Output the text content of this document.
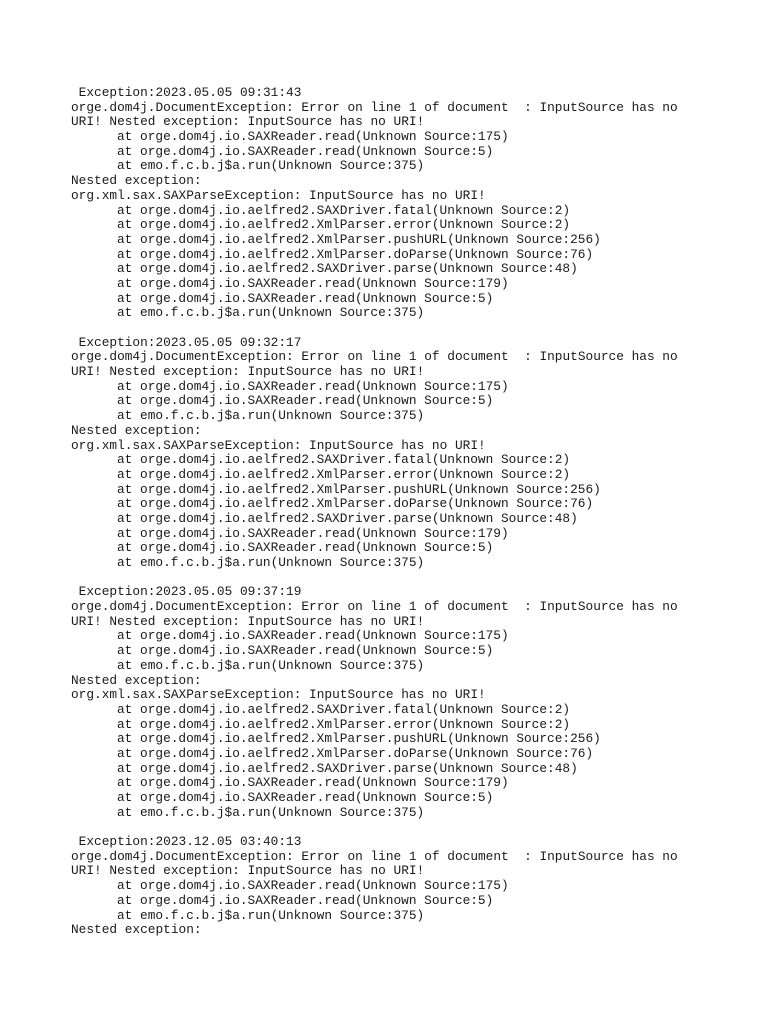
Exception:2023.05.05 09:31:43
orge.dom4j.DocumentException: Error on line 1 of document  : InputSource has no
URI! Nested exception: InputSource has no URI!
at orge.dom4j.io.SAXReader.read(Unknown Source:175)
at orge.dom4j.io.SAXReader.read(Unknown Source:5)
at emo.f.c.b.j$a.run(Unknown Source:375)
Nested exception:
org.xml.sax.SAXParseException: InputSource has no URI!
at orge.dom4j.io.aelfred2.SAXDriver.fatal(Unknown Source:2)
at orge.dom4j.io.aelfred2.XmlParser.error(Unknown Source:2)
at orge.dom4j.io.aelfred2.XmlParser.pushURL(Unknown Source:256)
at orge.dom4j.io.aelfred2.XmlParser.doParse(Unknown Source:76)
at orge.dom4j.io.aelfred2.SAXDriver.parse(Unknown Source:48)
at orge.dom4j.io.SAXReader.read(Unknown Source:179)
at orge.dom4j.io.SAXReader.read(Unknown Source:5)
at emo.f.c.b.j$a.run(Unknown Source:375)
Exception:2023.05.05 09:32:17
orge.dom4j.DocumentException: Error on line 1 of document  : InputSource has no
URI! Nested exception: InputSource has no URI!
at orge.dom4j.io.SAXReader.read(Unknown Source:175)
at orge.dom4j.io.SAXReader.read(Unknown Source:5)
at emo.f.c.b.j$a.run(Unknown Source:375)
Nested exception:
org.xml.sax.SAXParseException: InputSource has no URI!
at orge.dom4j.io.aelfred2.SAXDriver.fatal(Unknown Source:2)
at orge.dom4j.io.aelfred2.XmlParser.error(Unknown Source:2)
at orge.dom4j.io.aelfred2.XmlParser.pushURL(Unknown Source:256)
at orge.dom4j.io.aelfred2.XmlParser.doParse(Unknown Source:76)
at orge.dom4j.io.aelfred2.SAXDriver.parse(Unknown Source:48)
at orge.dom4j.io.SAXReader.read(Unknown Source:179)
at orge.dom4j.io.SAXReader.read(Unknown Source:5)
at emo.f.c.b.j$a.run(Unknown Source:375)
Exception:2023.05.05 09:37:19
orge.dom4j.DocumentException: Error on line 1 of document  : InputSource has no
URI! Nested exception: InputSource has no URI!
at orge.dom4j.io.SAXReader.read(Unknown Source:175)
at orge.dom4j.io.SAXReader.read(Unknown Source:5)
at emo.f.c.b.j$a.run(Unknown Source:375)
Nested exception:
org.xml.sax.SAXParseException: InputSource has no URI!
at orge.dom4j.io.aelfred2.SAXDriver.fatal(Unknown Source:2)
at orge.dom4j.io.aelfred2.XmlParser.error(Unknown Source:2)
at orge.dom4j.io.aelfred2.XmlParser.pushURL(Unknown Source:256)
at orge.dom4j.io.aelfred2.XmlParser.doParse(Unknown Source:76)
at orge.dom4j.io.aelfred2.SAXDriver.parse(Unknown Source:48)
at orge.dom4j.io.SAXReader.read(Unknown Source:179)
at orge.dom4j.io.SAXReader.read(Unknown Source:5)
at emo.f.c.b.j$a.run(Unknown Source:375)
Exception:2023.12.05 03:40:13
orge.dom4j.DocumentException: Error on line 1 of document  : InputSource has no
URI! Nested exception: InputSource has no URI!
at orge.dom4j.io.SAXReader.read(Unknown Source:175)
at orge.dom4j.io.SAXReader.read(Unknown Source:5)
at emo.f.c.b.j$a.run(Unknown Source:375)
Nested exception:
